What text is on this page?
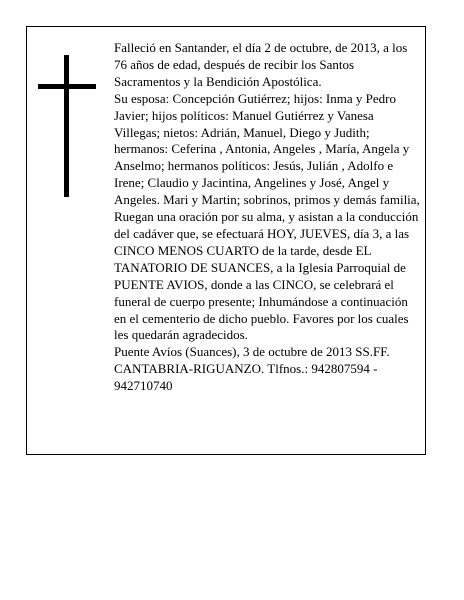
Falleció en Santander, el día 2 de octubre, de 2013, a los 76 años de edad, después de recibir los Santos Sacramentos y la Bendición Apostólica.

Su esposa: Concepción Gutiérrez; hijos: Inma y Pedro Javier; hijos políticos: Manuel Gutiérrez y Vanesa Villegas; nietos: Adrián, Manuel, Diego y Judith; hermanos: Ceferina , Antonia, Angeles , María, Angela y Anselmo; hermanos políticos: Jesús, Julián , Adolfo e Irene; Claudio y Jacintina, Angelines y José, Angel y Angeles. Mari y Martin; sobrinos, primos y demás familia,

Ruegan una oración por su alma, y asistan a la conducción del cadáver que, se efectuará HOY, JUEVES, día 3, a las CINCO MENOS CUARTO de la tarde, desde EL TANATORIO DE SUANCES, a la Iglesia Parroquial de PUENTE AVIOS, donde a las CINCO, se celebrará el funeral de cuerpo presente; Inhumándose a continuación en el cementerio de dicho pueblo. Favores por los cuales les quedarán agradecidos.

Puente Avíos (Suances), 3 de octubre de 2013 SS.FF. CANTABRIA-RIGUANZO. Tlfnos.: 942807594 - 942710740
